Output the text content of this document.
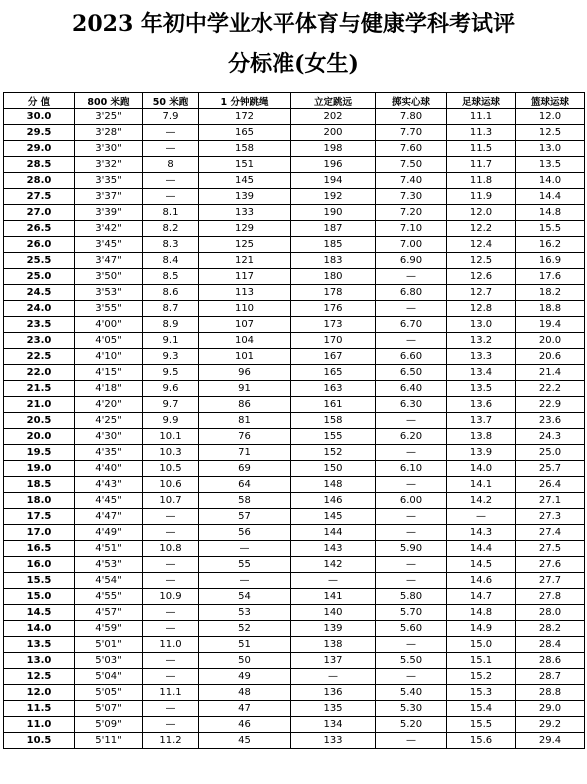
2023 年初中学业水平体育与健康学科考试评
分标准(女生)
分 值	800 米跑	50 米跑	1 分钟跳绳	立定跳远	掷实心球	足球运球	篮球运球
30.0	3'25"	7.9	172	202	7.80	11.1	12.0
29.5	3'28"	—	165	200	7.70	11.3	12.5
29.0	3'30"	—	158	198	7.60	11.5	13.0
28.5	3'32"	8	151	196	7.50	11.7	13.5
28.0	3'35"	—	145	194	7.40	11.8	14.0
27.5	3'37"	—	139	192	7.30	11.9	14.4
27.0	3'39"	8.1	133	190	7.20	12.0	14.8
26.5	3'42"	8.2	129	187	7.10	12.2	15.5
26.0	3'45"	8.3	125	185	7.00	12.4	16.2
25.5	3'47"	8.4	121	183	6.90	12.5	16.9
25.0	3'50"	8.5	117	180	—	12.6	17.6
24.5	3'53"	8.6	113	178	6.80	12.7	18.2
24.0	3'55"	8.7	110	176	—	12.8	18.8
23.5	4'00"	8.9	107	173	6.70	13.0	19.4
23.0	4'05"	9.1	104	170	—	13.2	20.0
22.5	4'10"	9.3	101	167	6.60	13.3	20.6
22.0	4'15"	9.5	96	165	6.50	13.4	21.4
21.5	4'18"	9.6	91	163	6.40	13.5	22.2
21.0	4'20"	9.7	86	161	6.30	13.6	22.9
20.5	4'25"	9.9	81	158	—	13.7	23.6
20.0	4'30"	10.1	76	155	6.20	13.8	24.3
19.5	4'35"	10.3	71	152	—	13.9	25.0
19.0	4'40"	10.5	69	150	6.10	14.0	25.7
18.5	4'43"	10.6	64	148	—	14.1	26.4
18.0	4'45"	10.7	58	146	6.00	14.2	27.1
17.5	4'47"	—	57	145	—	—	27.3
17.0	4'49"	—	56	144	—	14.3	27.4
16.5	4'51"	10.8	—	143	5.90	14.4	27.5
16.0	4'53"	—	55	142	—	14.5	27.6
15.5	4'54"	—	—	—	—	14.6	27.7
15.0	4'55"	10.9	54	141	5.80	14.7	27.8
14.5	4'57"	—	53	140	5.70	14.8	28.0
14.0	4'59"	—	52	139	5.60	14.9	28.2
13.5	5'01"	11.0	51	138	—	15.0	28.4
13.0	5'03"	—	50	137	5.50	15.1	28.6
12.5	5'04"	—	49	—	—	15.2	28.7
12.0	5'05"	11.1	48	136	5.40	15.3	28.8
11.5	5'07"	—	47	135	5.30	15.4	29.0
11.0	5'09"	—	46	134	5.20	15.5	29.2
10.5	5'11"	11.2	45	133	—	15.6	29.4
